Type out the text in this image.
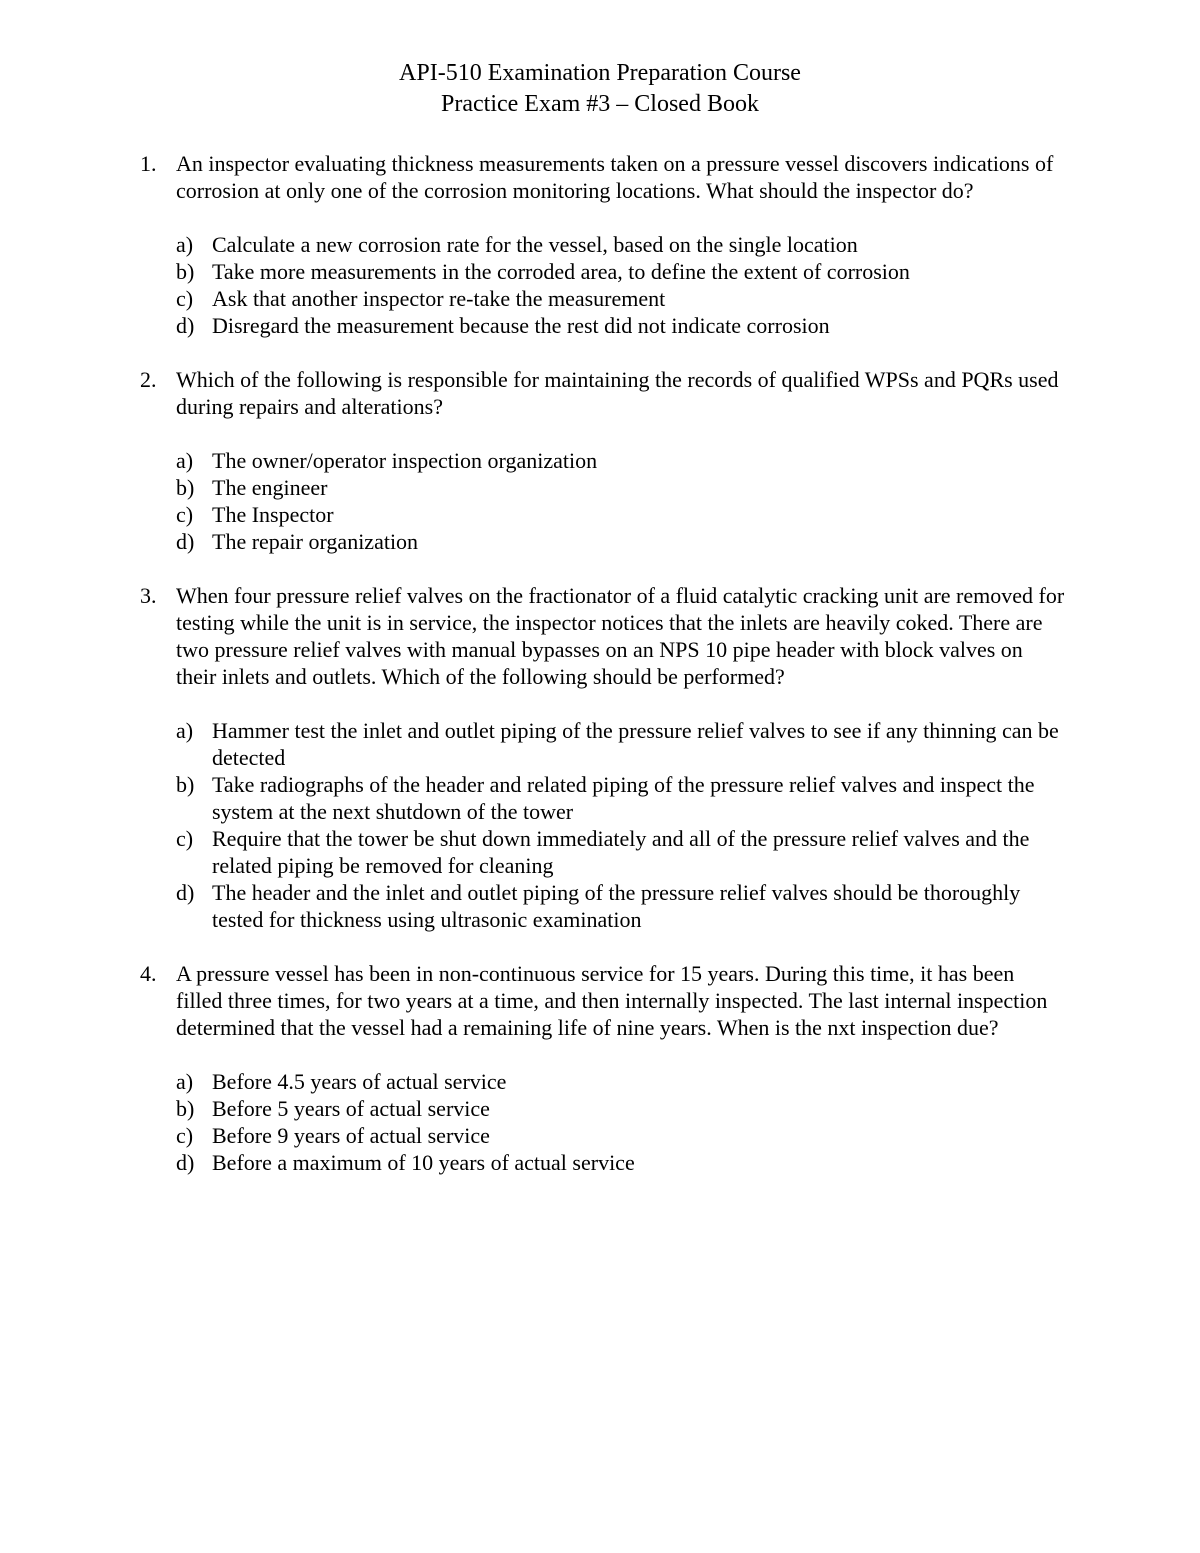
API-510 Examination Preparation Course
Practice Exam #3 – Closed Book
1. An inspector evaluating thickness measurements taken on a pressure vessel discovers indications of corrosion at only one of the corrosion monitoring locations. What should the inspector do?
a) Calculate a new corrosion rate for the vessel, based on the single location
b) Take more measurements in the corroded area, to define the extent of corrosion
c) Ask that another inspector re-take the measurement
d) Disregard the measurement because the rest did not indicate corrosion
2. Which of the following is responsible for maintaining the records of qualified WPSs and PQRs used during repairs and alterations?
a) The owner/operator inspection organization
b) The engineer
c) The Inspector
d) The repair organization
3. When four pressure relief valves on the fractionator of a fluid catalytic cracking unit are removed for testing while the unit is in service, the inspector notices that the inlets are heavily coked. There are two pressure relief valves with manual bypasses on an NPS 10 pipe header with block valves on their inlets and outlets. Which of the following should be performed?
a) Hammer test the inlet and outlet piping of the pressure relief valves to see if any thinning can be detected
b) Take radiographs of the header and related piping of the pressure relief valves and inspect the system at the next shutdown of the tower
c) Require that the tower be shut down immediately and all of the pressure relief valves and the related piping be removed for cleaning
d) The header and the inlet and outlet piping of the pressure relief valves should be thoroughly tested for thickness using ultrasonic examination
4. A pressure vessel has been in non-continuous service for 15 years. During this time, it has been filled three times, for two years at a time, and then internally inspected. The last internal inspection determined that the vessel had a remaining life of nine years. When is the nxt inspection due?
a) Before 4.5 years of actual service
b) Before 5 years of actual service
c) Before 9 years of actual service
d) Before a maximum of 10 years of actual service
